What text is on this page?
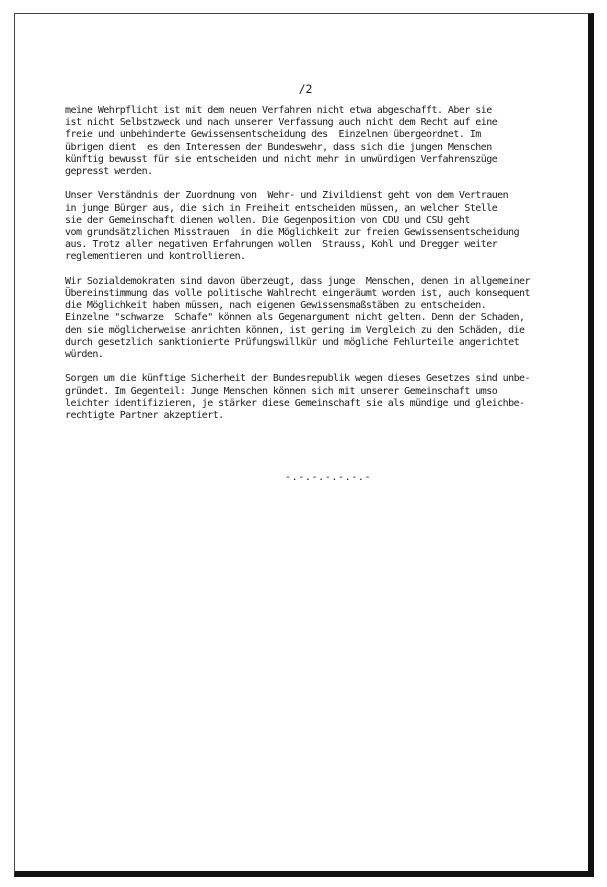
/2

meine Wehrpflicht ist mit dem neuen Verfahren nicht etwa abgeschafft. Aber sie
ist nicht Selbstzweck und nach unserer Verfassung auch nicht dem Recht auf eine
freie und unbehinderte Gewissensentscheidung des  Einzelnen übergeordnet. Im
übrigen dient  es den Interessen der Bundeswehr, dass sich die jungen Menschen
künftig bewusst für sie entscheiden und nicht mehr in unwürdigen Verfahrenszüge
gepresst werden.

Unser Verständnis der Zuordnung von  Wehr- und Zivildienst geht von dem Vertrauen
in junge Bürger aus, die sich in Freiheit entscheiden müssen, an welcher Stelle
sie der Gemeinschaft dienen wollen. Die Gegenposition von CDU und CSU geht
vom grundsätzlichen Misstrauen  in die Möglichkeit zur freien Gewissensentscheidung
aus. Trotz aller negativen Erfahrungen wollen  Strauss, Kohl und Dregger weiter
reglementieren und kontrollieren.

Wir Sozialdemokraten sind davon überzeugt, dass junge  Menschen, denen in allgemeiner
Übereinstimmung das volle politische Wahlrecht eingeräumt worden ist, auch konsequent
die Möglichkeit haben müssen, nach eigenen Gewissensmaßstäben zu entscheiden.
Einzelne "schwarze  Schafe" können als Gegenargument nicht gelten. Denn der Schaden,
den sie möglicherweise anrichten können, ist gering im Vergleich zu den Schäden, die
durch gesetzlich sanktionierte Prüfungswillkür und mögliche Fehlurteile angerichtet
würden.

Sorgen um die künftige Sicherheit der Bundesrepublik wegen dieses Gesetzes sind unbe-
gründet. Im Gegenteil: Junge Menschen können sich mit unserer Gemeinschaft umso
leichter identifizieren, je stärker diese Gemeinschaft sie als mündige und gleichbe-
rechtigte Partner akzeptiert.

-.-.-.-.-.-.-
